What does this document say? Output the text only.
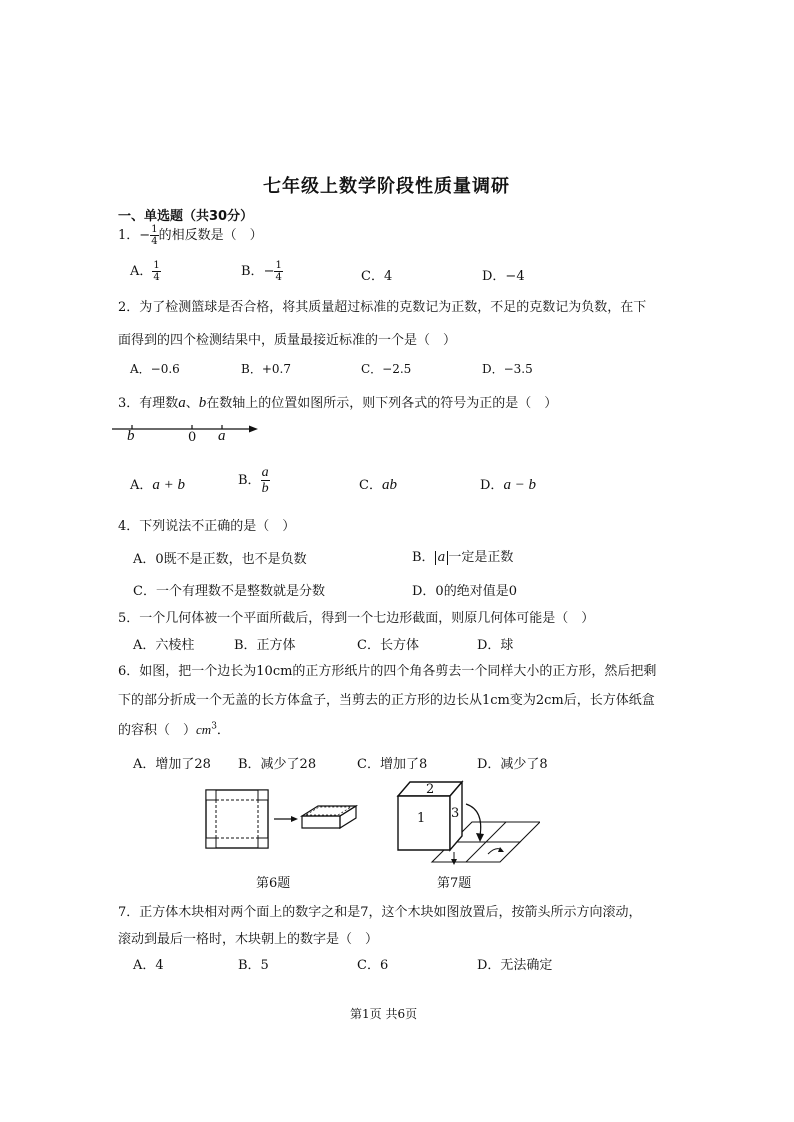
七年级上数学阶段性质量调研
一、单选题（共30分）
1．− $\frac{1}{4}$ 的相反数是（　）
A． $\frac{1}{4}$	B．− $\frac{1}{4}$	C．4	D．−4
2．为了检测篮球是否合格，将其质量超过标准的克数记为正数，不足的克数记为负数，在下
面得到的四个检测结果中，质量最接近标准的一个是（　）
A．−0.6	B．+0.7	C．−2.5	D．−3.5
3．有理数a、b在数轴上的位置如图所示，则下列各式的符号为正的是（　）
b	0 a
A．a + b	B． $\frac{a}{b}$	C．ab	D．a − b
4．下列说法不正确的是（　）
A．0既不是正数，也不是负数	B． a 一定是正数
C．一个有理数不是整数就是分数	D．0的绝对值是0
5．一个几何体被一个平面所截后，得到一个七边形截面，则原几何体可能是（　）
A．六棱柱	B．正方体	C．长方体	D．球
6．如图，把一个边长为10cm的正方形纸片的四个角各剪去一个同样大小的正方形，然后把剩
下的部分折成一个无盖的长方体盒子，当剪去的正方形的边长从1cm变为2cm后，长方体纸盒
的容积（　）$cm^3$．
A．增加了28 B．减少了28	C．增加了8	D．减少了8
第6题
2
1 3
第7题
7．正方体木块相对两个面上的数字之和是7，这个木块如图放置后，按箭头所示方向滚动，
滚动到最后一格时，木块朝上的数字是（　）
A．4	B．5	C．6	D．无法确定
第1页 共6页
